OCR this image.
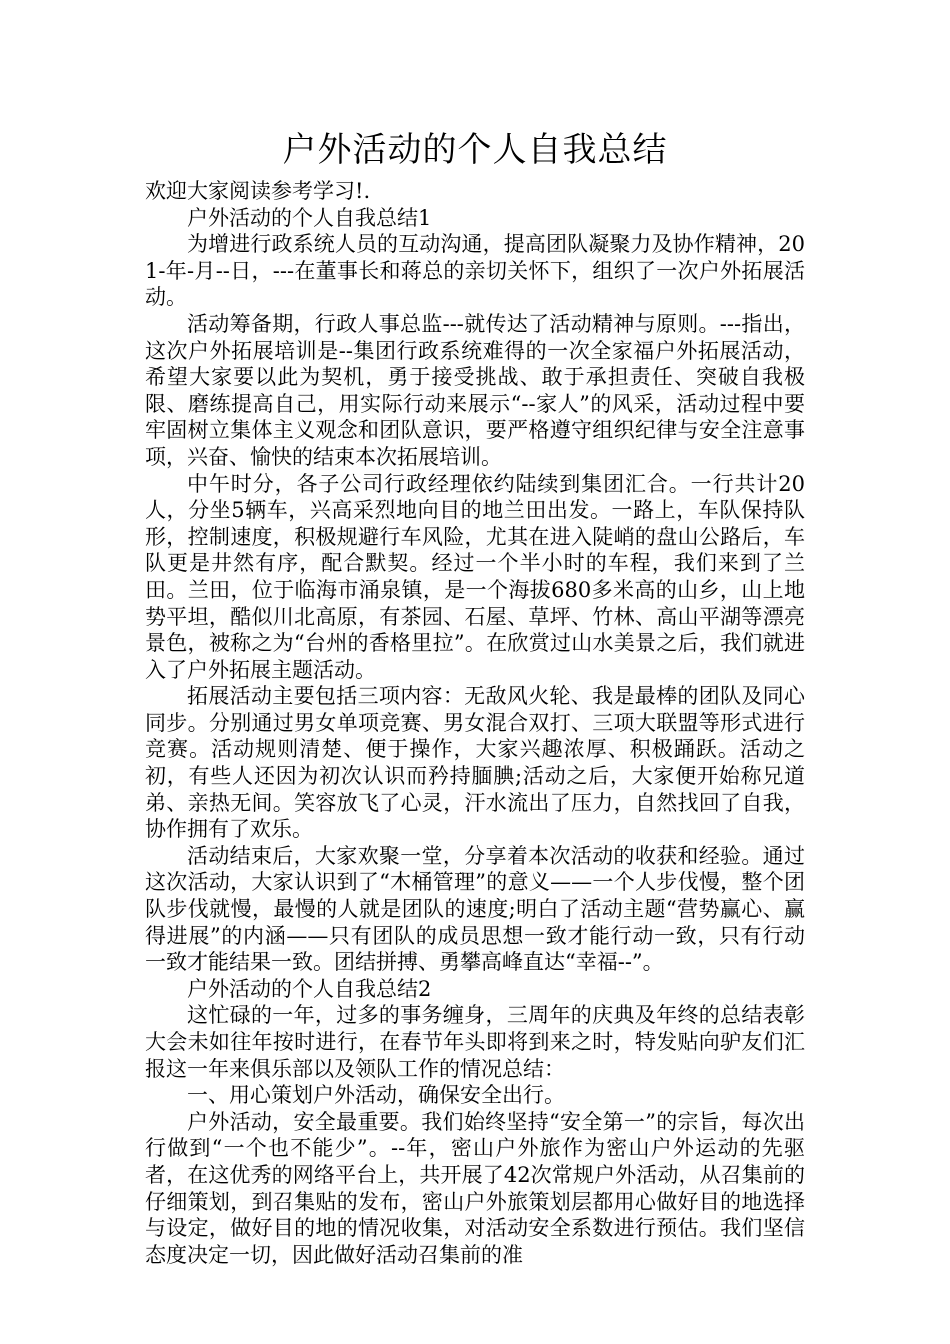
户外活动的个人自我总结

欢迎大家阅读参考学习!.

户外活动的个人自我总结1

为增进行政系统人员的互动沟通，提高团队凝聚力及协作精神，201-年-月--日，---在董事长和蒋总的亲切关怀下，组织了一次户外拓展活动。

活动筹备期，行政人事总监---就传达了活动精神与原则。---指出，这次户外拓展培训是--集团行政系统难得的一次全家福户外拓展活动，希望大家要以此为契机，勇于接受挑战、敢于承担责任、突破自我极限、磨练提高自己，用实际行动来展示“--家人”的风采，活动过程中要牢固树立集体主义观念和团队意识，要严格遵守组织纪律与安全注意事项，兴奋、愉快的结束本次拓展培训。

中午时分，各子公司行政经理依约陆续到集团汇合。一行共计20人，分坐5辆车，兴高采烈地向目的地兰田出发。一路上，车队保持队形，控制速度，积极规避行车风险，尤其在进入陡峭的盘山公路后，车队更是井然有序，配合默契。经过一个半小时的车程，我们来到了兰田。兰田，位于临海市涌泉镇，是一个海拔680多米高的山乡，山上地势平坦，酷似川北高原，有茶园、石屋、草坪、竹林、高山平湖等漂亮景色，被称之为“台州的香格里拉”。在欣赏过山水美景之后，我们就进入了户外拓展主题活动。

拓展活动主要包括三项内容：无敌风火轮、我是最棒的团队及同心同步。分别通过男女单项竞赛、男女混合双打、三项大联盟等形式进行竞赛。活动规则清楚、便于操作，大家兴趣浓厚、积极踊跃。活动之初，有些人还因为初次认识而矜持腼腆;活动之后，大家便开始称兄道弟、亲热无间。笑容放飞了心灵，汗水流出了压力，自然找回了自我，协作拥有了欢乐。

活动结束后，大家欢聚一堂，分享着本次活动的收获和经验。通过这次活动，大家认识到了“木桶管理”的意义——一个人步伐慢，整个团队步伐就慢，最慢的人就是团队的速度;明白了活动主题“营势赢心、赢得进展”的内涵——只有团队的成员思想一致才能行动一致，只有行动一致才能结果一致。团结拼搏、勇攀高峰直达“幸福--”。

户外活动的个人自我总结2

这忙碌的一年，过多的事务缠身，三周年的庆典及年终的总结表彰大会未如往年按时进行，在春节年头即将到来之时，特发贴向驴友们汇报这一年来俱乐部以及领队工作的情况总结：

一、用心策划户外活动，确保安全出行。

户外活动，安全最重要。我们始终坚持“安全第一”的宗旨，每次出行做到“一个也不能少”。--年，密山户外旅作为密山户外运动的先驱者，在这优秀的网络平台上，共开展了42次常规户外活动，从召集前的仔细策划，到召集贴的发布，密山户外旅策划层都用心做好目的地选择与设定，做好目的地的情况收集，对活动安全系数进行预估。我们坚信态度决定一切，因此做好活动召集前的准
